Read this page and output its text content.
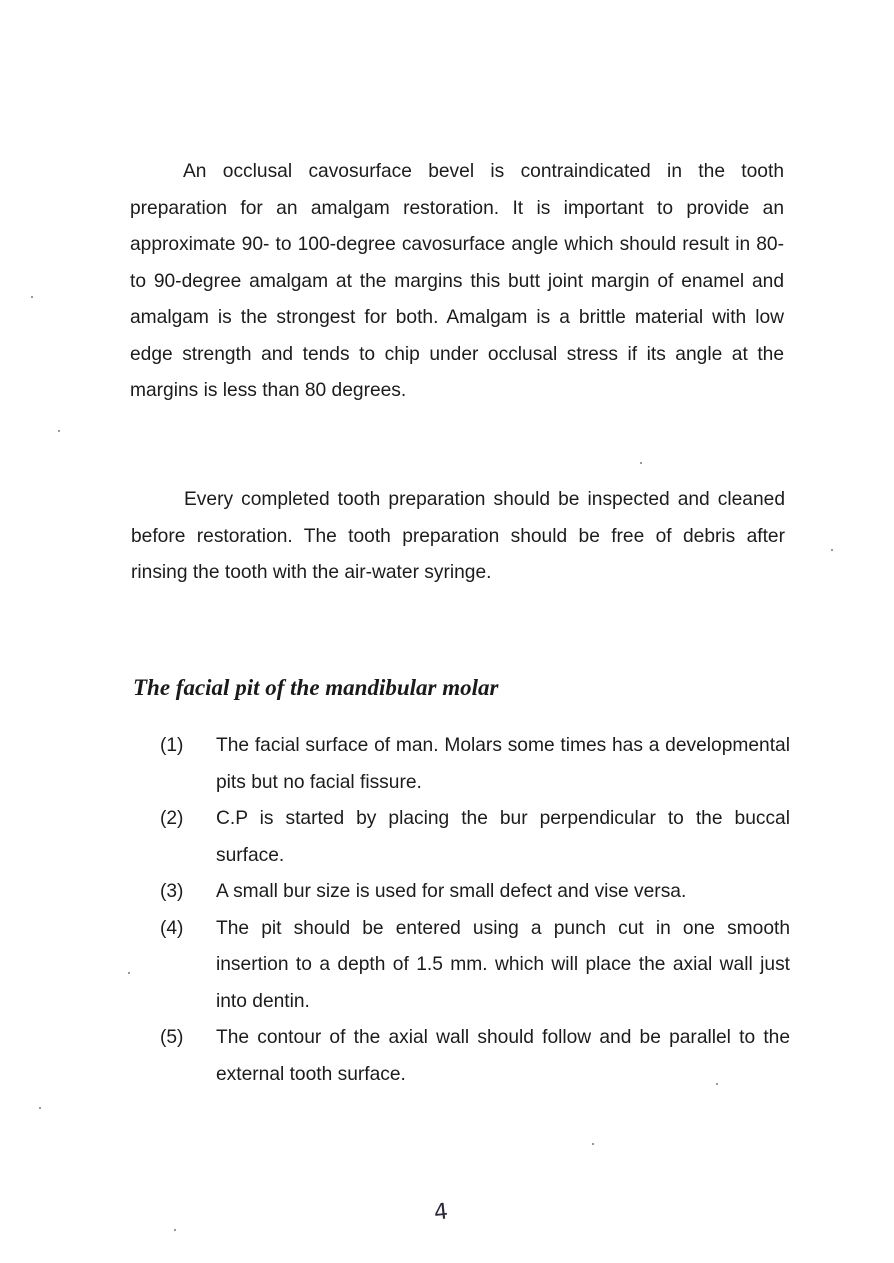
An occlusal cavosurface bevel is contraindicated in the tooth preparation for an amalgam restoration. It is important to provide an approximate 90- to 100-degree cavosurface angle which should result in 80- to 90-degree amalgam at the margins this butt joint margin of enamel and amalgam is the strongest for both. Amalgam is a brittle material with low edge strength and tends to chip under occlusal stress if its angle at the margins is less than 80 degrees.

Every completed tooth preparation should be inspected and cleaned before restoration. The tooth preparation should be free of debris after rinsing the tooth with the air-water syringe.

The facial pit of the mandibular molar
(1)	The facial surface of man. Molars some times has a developmental pits but no facial fissure.
(2)	C.P is started by placing the bur perpendicular to the buccal surface.
(3)	A small bur size is used for small defect and vise versa.
(4)	The pit should be entered using a punch cut in one smooth insertion to a depth of 1.5 mm. which will place the axial wall just into dentin.
(5)	The contour of the axial wall should follow and be parallel to the external tooth surface.
4
